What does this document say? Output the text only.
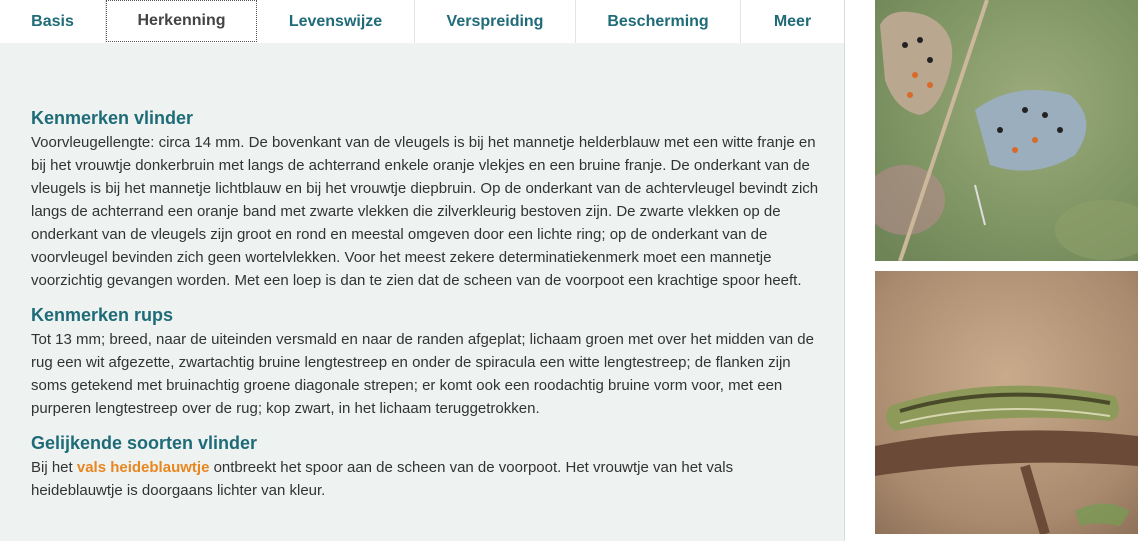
Basis	Herkenning	Levenswijze	Verspreiding	Bescherming	Meer
Kenmerken vlinder

Voorvleugellengte: circa 14 mm. De bovenkant van de vleugels is bij het mannetje helderblauw met een witte franje en bij het vrouwtje donkerbruin met langs de achterrand enkele oranje vlekjes en een bruine franje. De onderkant van de vleugels is bij het mannetje lichtblauw en bij het vrouwtje diepbruin. Op de onderkant van de achtervleugel bevindt zich langs de achterrand een oranje band met zwarte vlekken die zilverkleurig bestoven zijn. De zwarte vlekken op de onderkant van de vleugels zijn groot en rond en meestal omgeven door een lichte ring; op de onderkant van de voorvleugel bevinden zich geen wortelvlekken. Voor het meest zekere determinatiekenmerk moet een mannetje voorzichtig gevangen worden. Met een loep is dan te zien dat de scheen van de voorpoot een krachtige spoor heeft.

Kenmerken rups

Tot 13 mm; breed, naar de uiteinden versmald en naar de randen afgeplat; lichaam groen met over het midden van de rug een wit afgezette, zwartachtig bruine lengtestreep en onder de spiracula een witte lengtestreep; de flanken zijn soms getekend met bruinachtig groene diagonale strepen; er komt ook een roodachtig bruine vorm voor, met een purperen lengtestreep over de rug; kop zwart, in het lichaam teruggetrokken.

Gelijkende soorten vlinder

Bij het vals heideblauwtje ontbreekt het spoor aan de scheen van de voorpoot. Het vrouwtje van het vals heideblauwtje is doorgaans lichter van kleur.
